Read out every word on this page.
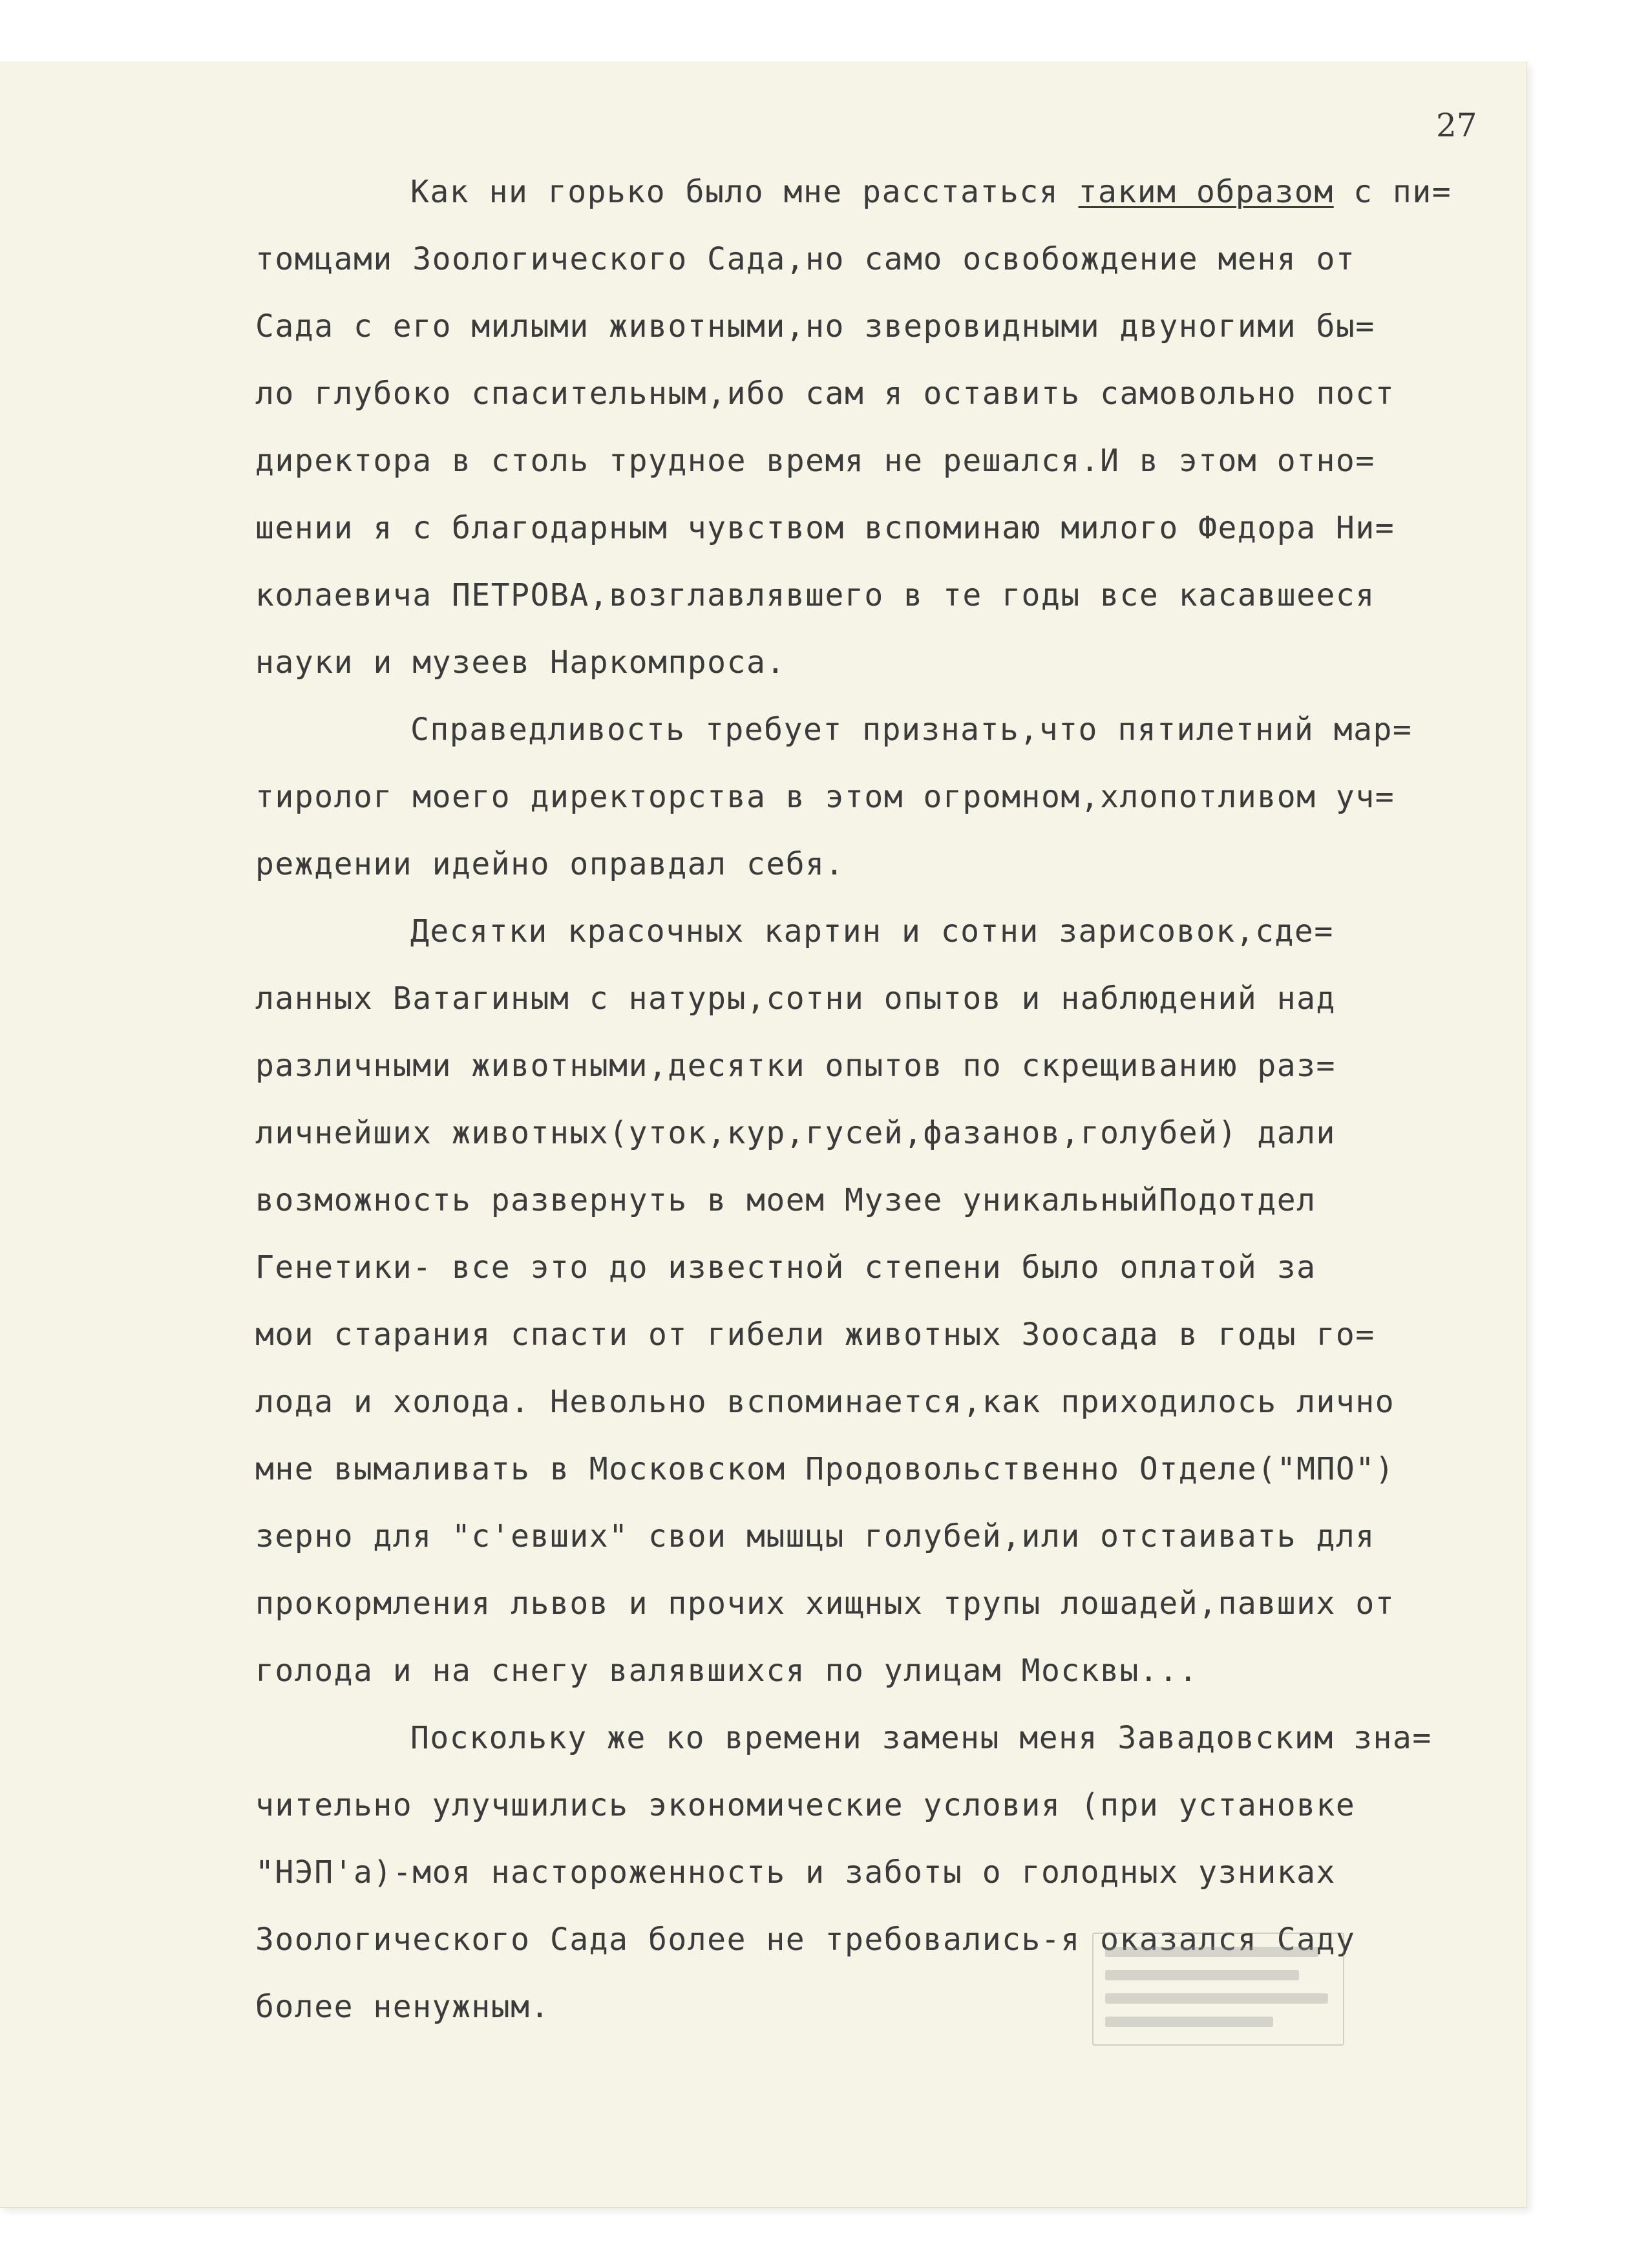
27
Как ни горько было мне расстаться таким образом с пи=
томцами Зоологического Сада,но само освобождение меня от
Сада с его милыми животными,но зверовидными двуногими бы=
ло глубоко спасительным,ибо сам я оставить самовольно пост
директора в столь трудное время не решался.И в этом отно=
шении я с благодарным чувством вспоминаю милого Федора Ни=
колаевича ПЕТРОВА,возглавлявшего в те годы все касавшееся
науки и музеев Наркомпроса.
Справедливость требует признать,что пятилетний мар=
тиролог моего директорства в этом огромном,хлопотливом уч=
реждении идейно оправдал себя.
Десятки красочных картин и сотни зарисовок,сде=
ланных Ватагиным с натуры,сотни опытов и наблюдений над
различными животными,десятки опытов по скрещиванию раз=
личнейших животных(уток,кур,гусей,фазанов,голубей) дали
возможность развернуть в моем Музее уникальныйПодотдел
Генетики- все это до известной степени было оплатой за
мои старания спасти от гибели животных Зоосада в годы го=
лода и холода. Невольно вспоминается,как приходилось лично
мне вымаливать в Московском Продовольственно Отделе("МПО")
зерно для "с'евших" свои мышцы голубей,или отстаивать для
прокормления львов и прочих хищных трупы лошадей,павших от
голода и на снегу валявшихся по улицам Москвы...
Поскольку же ко времени замены меня Завадовским зна=
чительно улучшились экономические условия (при установке
"НЭП'а)-моя настороженность и заботы о голодных узниках
Зоологического Сада более не требовались-я оказался Саду
более ненужным.
